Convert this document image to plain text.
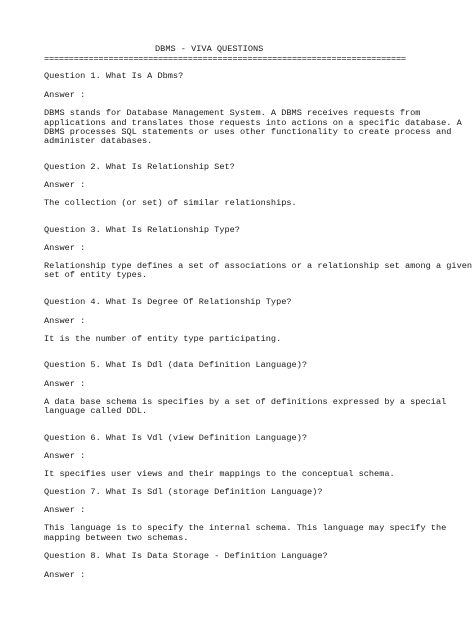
DBMS - VIVA QUESTIONS
=========================================================================
Question 1. What Is A Dbms?
Answer :
DBMS stands for Database Management System. A DBMS receives requests from
applications and translates those requests into actions on a specific database. A
DBMS processes SQL statements or uses other functionality to create process and
administer databases.
Question 2. What Is Relationship Set?
Answer :
The collection (or set) of similar relationships.
Question 3. What Is Relationship Type?
Answer :
Relationship type defines a set of associations or a relationship set among a given
set of entity types.
Question 4. What Is Degree Of Relationship Type?
Answer :
It is the number of entity type participating.
Question 5. What Is Ddl (data Definition Language)?
Answer :
A data base schema is specifies by a set of definitions expressed by a special
language called DDL.
Question 6. What Is Vdl (view Definition Language)?
Answer :
It specifies user views and their mappings to the conceptual schema.
Question 7. What Is Sdl (storage Definition Language)?
Answer :
This language is to specify the internal schema. This language may specify the
mapping between two schemas.
Question 8. What Is Data Storage - Definition Language?
Answer :
